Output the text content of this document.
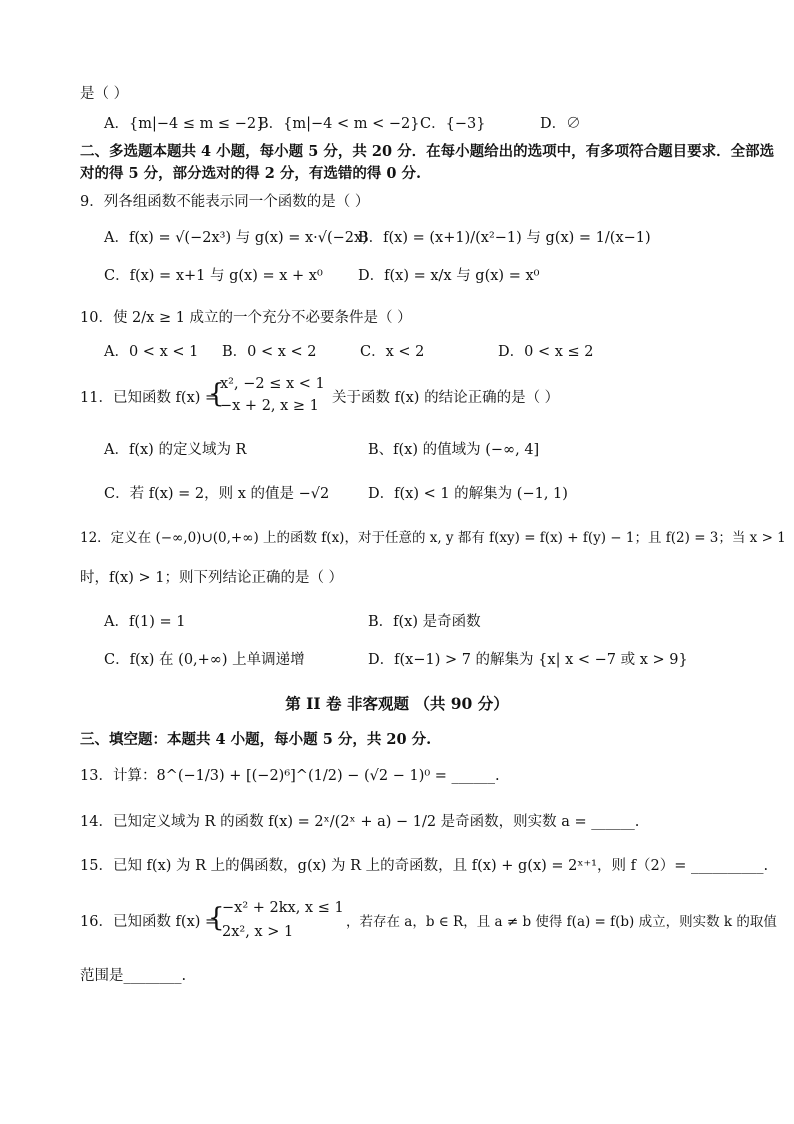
是（ ）
A．{m|−4 ≤ m ≤ −2}
B．{m|−4 < m < −2} C．{−3}	D．∅
二、多选题本题共 4 小题，每小题 5 分，共 20 分．在每小题给出的选项中，有多项符合题目要求．全部选
对的得 5 分，部分选对的得 2 分，有选错的得 0 分.
9．列各组函数不能表示同一个函数的是（ ）
A．f(x) = √(−2x³) 与 g(x) = x·√(−2x)
B．f(x) = (x+1)/(x²−1) 与 g(x) = 1/(x−1)
C．f(x) = x+1 与 g(x) = x + x⁰ D．f(x) = x/x 与 g(x) = x⁰
10．使 2/x ≥ 1 成立的一个充分不必要条件是（ ）
A．0 < x < 1 B．0 < x < 2	C．x < 2	D．0 < x ≤ 2
11．已知函数 f(x) =
{
x², −2 ≤ x < 1
−x + 2, x ≥ 1 关于函数 f(x) 的结论正确的是（ ）
A．f(x) 的定义域为 R	B、f(x) 的值域为 (−∞, 4]
C．若 f(x) = 2，则 x 的值是 −√2	D．f(x) < 1 的解集为 (−1, 1)
12．定义在 (−∞,0)∪(0,+∞) 上的函数 f(x)，对于任意的 x, y 都有 f(xy) = f(x) + f(y) − 1；且 f(2) = 3；当 x > 1
时，f(x) > 1；则下列结论正确的是（ ）
A．f(1) = 1	B．f(x) 是奇函数
C．f(x) 在 (0,+∞) 上单调递增	D．f(x−1) > 7 的解集为 {x| x < −7 或 x > 9}
第 II 卷 非客观题 （共 90 分）
三、填空题：本题共 4 小题，每小题 5 分，共 20 分.
13．计算：8^(−1/3) + [(−2)⁶]^(1/2) − (√2 − 1)⁰ = ______.
14．已知定义域为 R 的函数 f(x) = 2ˣ/(2ˣ + a) − 1/2 是奇函数，则实数 a = ______.
15．已知 f(x) 为 R 上的偶函数，g(x) 为 R 上的奇函数，且 f(x) + g(x) = 2ˣ⁺¹，则 f（2）= __________.
16．已知函数 f(x) =
{
−x² + 2kx, x ≤ 1
2x², x > 1
，若存在 a，b ∈ R，且 a ≠ b 使得 f(a) = f(b) 成立，则实数 k 的取值
范围是________.
